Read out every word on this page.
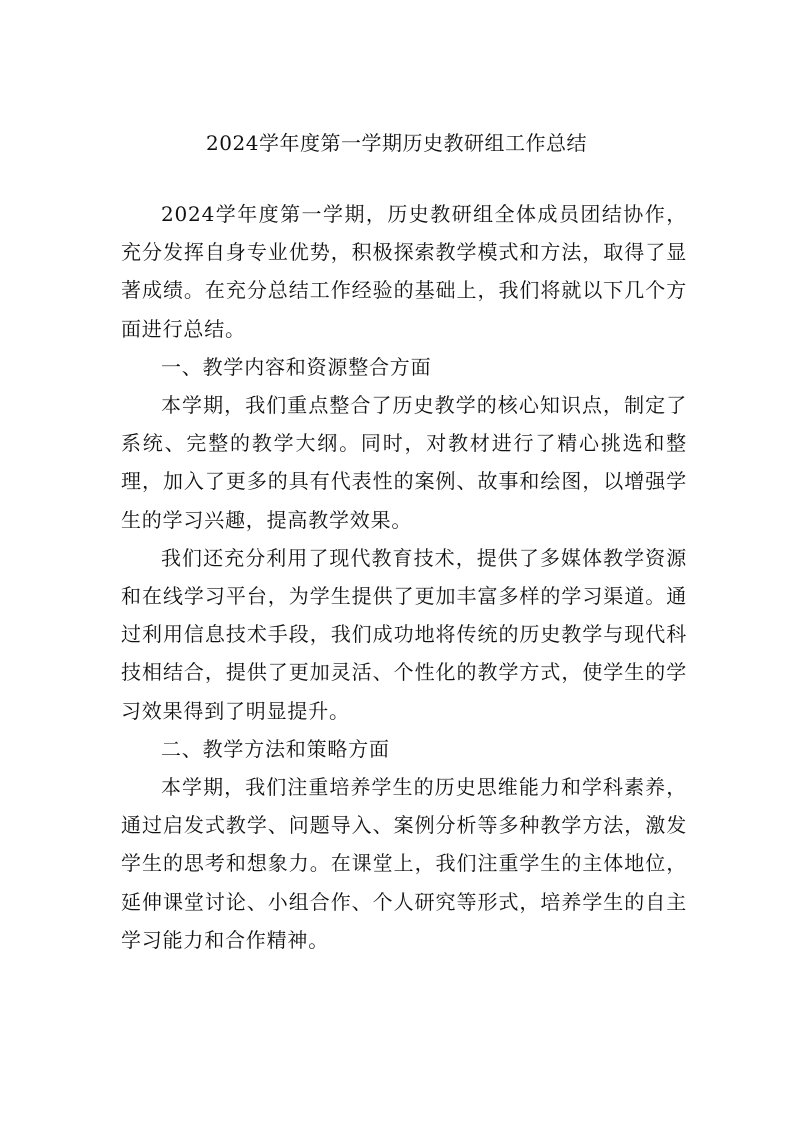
2024学年度第一学期历史教研组工作总结

2024学年度第一学期，历史教研组全体成员团结协作，充分发挥自身专业优势，积极探索教学模式和方法，取得了显著成绩。在充分总结工作经验的基础上，我们将就以下几个方面进行总结。

一、教学内容和资源整合方面

本学期，我们重点整合了历史教学的核心知识点，制定了系统、完整的教学大纲。同时，对教材进行了精心挑选和整理，加入了更多的具有代表性的案例、故事和绘图，以增强学生的学习兴趣，提高教学效果。

我们还充分利用了现代教育技术，提供了多媒体教学资源和在线学习平台，为学生提供了更加丰富多样的学习渠道。通过利用信息技术手段，我们成功地将传统的历史教学与现代科技相结合，提供了更加灵活、个性化的教学方式，使学生的学习效果得到了明显提升。

二、教学方法和策略方面

本学期，我们注重培养学生的历史思维能力和学科素养，通过启发式教学、问题导入、案例分析等多种教学方法，激发学生的思考和想象力。在课堂上，我们注重学生的主体地位，延伸课堂讨论、小组合作、个人研究等形式，培养学生的自主学习能力和合作精神。
